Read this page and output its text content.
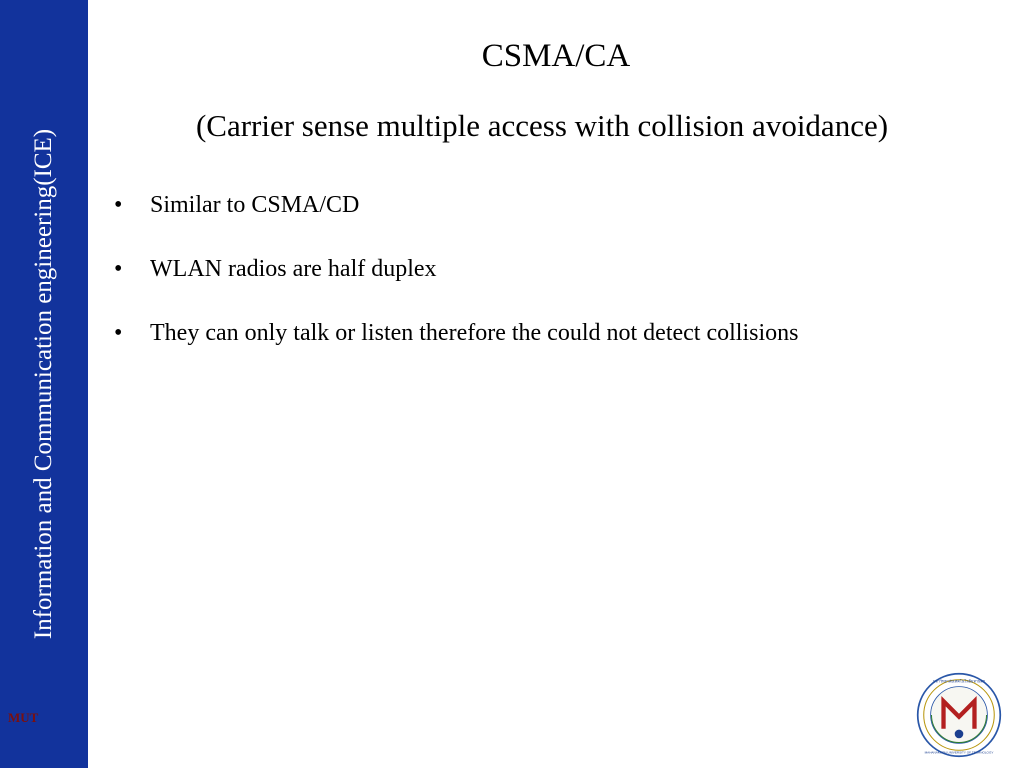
Information and Communication engineering(ICE)
MUT
CSMA/CA
(Carrier sense multiple access with collision avoidance)
• Similar to CSMA/CD
• WLAN radios are half duplex
• They can only talk or listen therefore the could not detect collisions
มหาวิทยาลัยเทคโนโลยีมหานคร
MAHANAKORN UNIVERSITY OF TECHNOLOGY
